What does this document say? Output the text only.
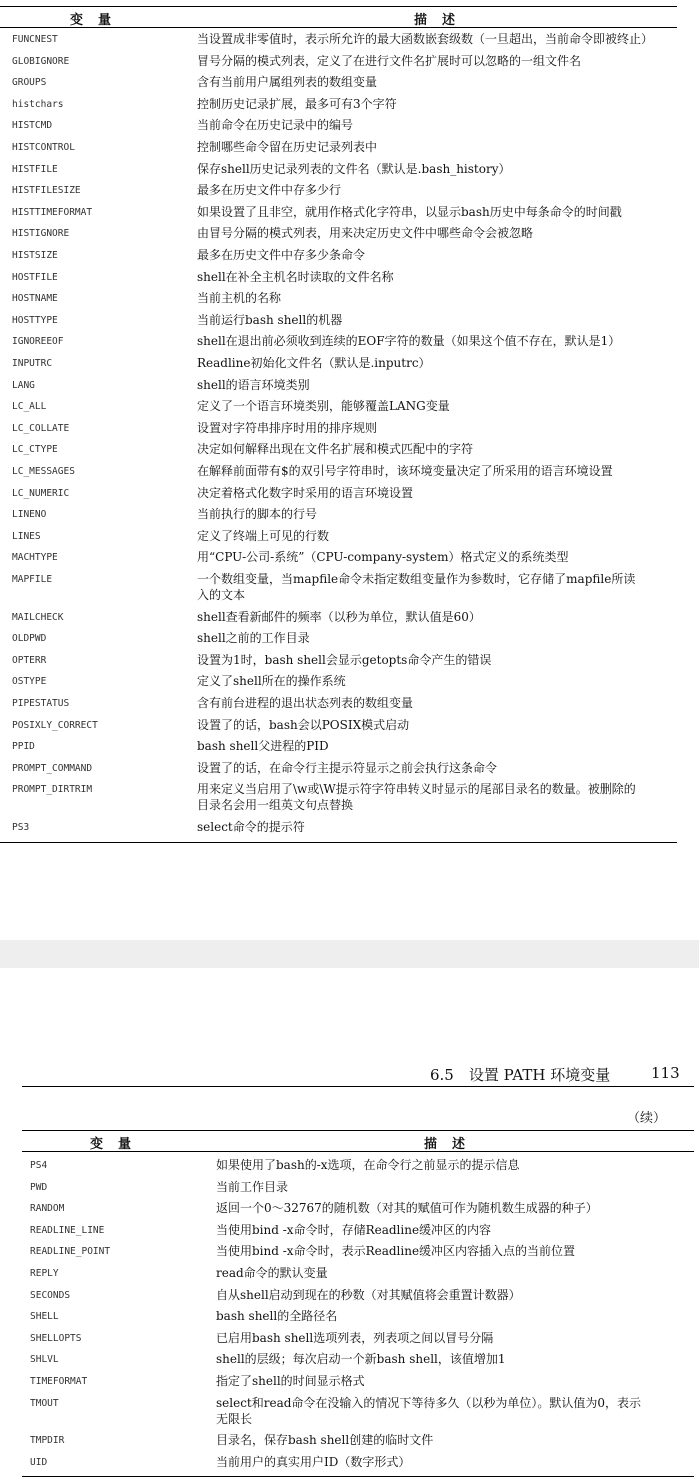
变　量	描　述
FUNCNEST	当设置成非零值时，表示所允许的最大函数嵌套级数（一旦超出，当前命令即被终止）
GLOBIGNORE	冒号分隔的模式列表，定义了在进行文件名扩展时可以忽略的一组文件名
GROUPS	含有当前用户属组列表的数组变量
histchars	控制历史记录扩展，最多可有3个字符
HISTCMD	当前命令在历史记录中的编号
HISTCONTROL	控制哪些命令留在历史记录列表中
HISTFILE	保存shell历史记录列表的文件名（默认是.bash_history）
HISTFILESIZE	最多在历史文件中存多少行
HISTTIMEFORMAT	如果设置了且非空，就用作格式化字符串，以显示bash历史中每条命令的时间戳
HISTIGNORE	由冒号分隔的模式列表，用来决定历史文件中哪些命令会被忽略
HISTSIZE	最多在历史文件中存多少条命令
HOSTFILE	shell在补全主机名时读取的文件名称
HOSTNAME	当前主机的名称
HOSTTYPE	当前运行bash shell的机器
IGNOREEOF	shell在退出前必须收到连续的EOF字符的数量（如果这个值不存在，默认是1）
INPUTRC	Readline初始化文件名（默认是.inputrc）
LANG	shell的语言环境类别
LC_ALL	定义了一个语言环境类别，能够覆盖LANG变量
LC_COLLATE	设置对字符串排序时用的排序规则
LC_CTYPE	决定如何解释出现在文件名扩展和模式匹配中的字符
LC_MESSAGES	在解释前面带有$的双引号字符串时，该环境变量决定了所采用的语言环境设置
LC_NUMERIC	决定着格式化数字时采用的语言环境设置
LINENO	当前执行的脚本的行号
LINES	定义了终端上可见的行数
MACHTYPE	用“CPU-公司-系统”（CPU-company-system）格式定义的系统类型
MAPFILE	一个数组变量，当mapfile命令未指定数组变量作为参数时，它存储了mapfile所读
入的文本
MAILCHECK	shell查看新邮件的频率（以秒为单位，默认值是60）
OLDPWD	shell之前的工作目录
OPTERR	设置为1时，bash shell会显示getopts命令产生的错误
OSTYPE	定义了shell所在的操作系统
PIPESTATUS	含有前台进程的退出状态列表的数组变量
POSIXLY_CORRECT	设置了的话，bash会以POSIX模式启动
PPID	bash shell父进程的PID
PROMPT_COMMAND	设置了的话，在命令行主提示符显示之前会执行这条命令
PROMPT_DIRTRIM	用来定义当启用了\w或\W提示符字符串转义时显示的尾部目录名的数量。被删除的
目录名会用一组英文句点替换
PS3	select命令的提示符
6.5　设置 PATH 环境变量	113
（续）
变　量	描　述
PS4	如果使用了bash的-x选项，在命令行之前显示的提示信息
PWD	当前工作目录
RANDOM	返回一个0～32767的随机数（对其的赋值可作为随机数生成器的种子）
READLINE_LINE	当使用bind -x命令时，存储Readline缓冲区的内容
READLINE_POINT	当使用bind -x命令时，表示Readline缓冲区内容插入点的当前位置
REPLY	read命令的默认变量
SECONDS	自从shell启动到现在的秒数（对其赋值将会重置计数器）
SHELL	bash shell的全路径名
SHELLOPTS	已启用bash shell选项列表，列表项之间以冒号分隔
SHLVL	shell的层级；每次启动一个新bash shell，该值增加1
TIMEFORMAT	指定了shell的时间显示格式
TMOUT	select和read命令在没输入的情况下等待多久（以秒为单位）。默认值为0，表示
无限长
TMPDIR	目录名，保存bash shell创建的临时文件
UID	当前用户的真实用户ID（数字形式）
